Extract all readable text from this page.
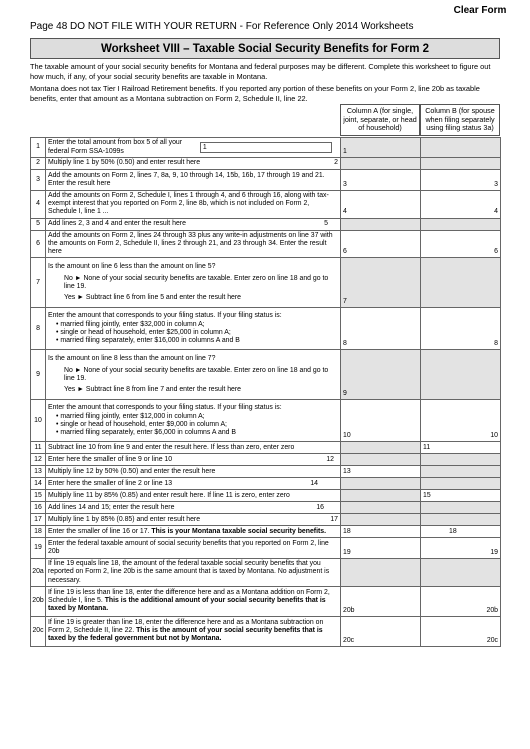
Clear Form
Page 48 DO NOT FILE WITH YOUR RETURN - For Reference Only 2014 Worksheets
Worksheet VIII – Taxable Social Security Benefits for Form 2
The taxable amount of your social security benefits for Montana and federal purposes may be different. Complete this worksheet to figure out how much, if any, of your social security benefits are taxable in Montana.
Montana does not tax Tier I Railroad Retirement benefits. If you reported any portion of these benefits on your Form 2, line 20b as taxable benefits, enter that amount as a Montana subtraction on Form 2, Schedule II, line 22.
Column A (for single, joint, separate, or head of household)
Column B (for spouse when filing separately using filing status 3a)
1	Enter the total amount from box 5 of all your federal Form SSA-1099s 1	1	

2	Multiply line 1 by 50% (0.50) and enter result here 2		

3	Add the amounts on Form 2, lines 7, 8a, 9, 10 through 14, 15b, 16b, 17 through 19 and 21. Enter the result here	3	3

4	Add the amounts on Form 2, Schedule I, lines 1 through 4, and 6 through 16, along with tax-exempt interest that you reported on Form 2, line 8b, which is not included on Form 2, Schedule I, line 1 ...	4	4

5	Add lines 2, 3 and 4 and enter the result here 5		

6	Add the amounts on Form 2, lines 24 through 33 plus any write-in adjustments on line 37 with the amounts on Form 2, Schedule II, lines 2 through 21, and 23 through 34. Enter the result here	6	6

7	Is the amount on line 6 less than the amount on line 5?
No ► None of your social security benefits are taxable. Enter zero on line 18 and go to line 19.
Yes ► Subtract line 6 from line 5 and enter the result here	7	

8	Enter the amount that corresponds to your filing status. If your filing status is:
• married filing jointly, enter $32,000 in column A;
• single or head of household, enter $25,000 in column A;
• married filing separately, enter $16,000 in columns A and B	8	8

9	Is the amount on line 8 less than the amount on line 7?
No ► None of your social security benefits are taxable. Enter zero on line 18 and go to line 19.
Yes ► Subtract line 8 from line 7 and enter the result here	9	

10	Enter the amount that corresponds to your filing status. If your filing status is:
• married filing jointly, enter $12,000 in column A;
• single or head of household, enter $9,000 in column A;
• married filing separately, enter $6,000 in columns A and B	10	10

11	Subtract line 10 from line 9 and enter the result here. If less than zero, enter zero		11

12	Enter here the smaller of line 9 or line 10 12		

13	Multiply line 12 by 50% (0.50) and enter the result here	13	

14	Enter here the smaller of line 2 or line 13 14		

15	Multiply line 11 by 85% (0.85) and enter result here. If line 11 is zero, enter zero		15

16	Add lines 14 and 15; enter the result here 16		

17	Multiply line 1 by 85% (0.85) and enter result here 17		

18	Enter the smaller of line 16 or 17. This is your Montana taxable social security benefits.	18	18

19	Enter the federal taxable amount of social security benefits that you reported on Form 2, line 20b	19	19

20a	If line 19 equals line 18, the amount of the federal taxable social security benefits that you reported on Form 2, line 20b is the same amount that is taxed by Montana. No adjustment is necessary.		
20b	If line 19 is less than line 18, enter the difference here and as a Montana addition on Form 2, Schedule I, line 5. This is the additional amount of your social security benefits that is taxed by Montana.	20b	20b

20c	If line 19 is greater than line 18, enter the difference here and as a Montana subtraction on Form 2, Schedule II, line 22. This is the amount of your social security benefits that is taxed by the federal government but not by Montana.	20c	20c
